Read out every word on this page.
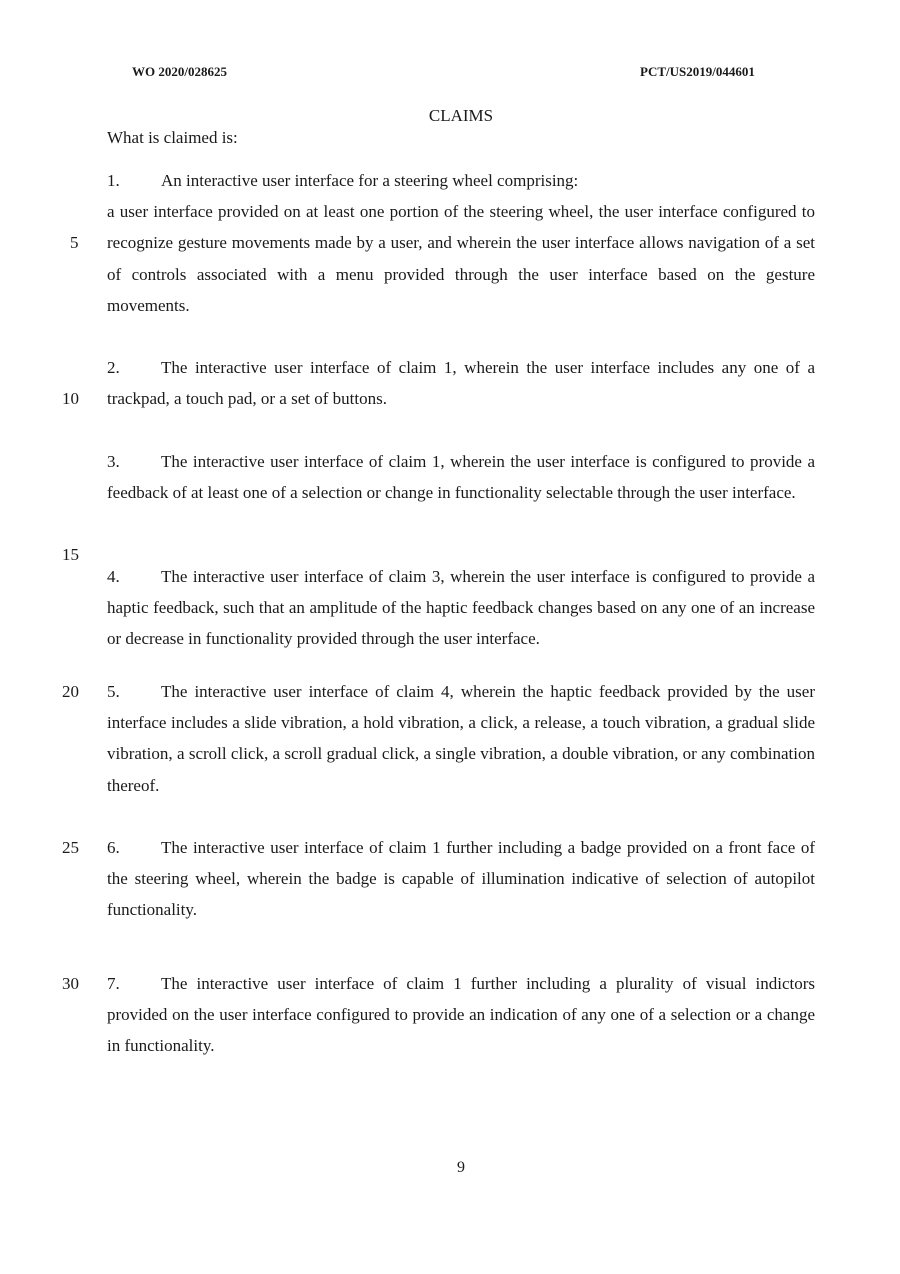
WO 2020/028625	PCT/US2019/044601
CLAIMS
What is claimed is:
1. An interactive user interface for a steering wheel comprising:
a user interface provided on at least one portion of the steering wheel, the user interface configured to recognize gesture movements made by a user, and wherein the user interface allows navigation of a set of controls associated with a menu provided through the user interface based on the gesture movements.
2. The interactive user interface of claim 1, wherein the user interface includes any one of a trackpad, a touch pad, or a set of buttons.
3. The interactive user interface of claim 1, wherein the user interface is configured to provide a feedback of at least one of a selection or change in functionality selectable through the user interface.
4. The interactive user interface of claim 3, wherein the user interface is configured to provide a haptic feedback, such that an amplitude of the haptic feedback changes based on any one of an increase or decrease in functionality provided through the user interface.
5. The interactive user interface of claim 4, wherein the haptic feedback provided by the user interface includes a slide vibration, a hold vibration, a click, a release, a touch vibration, a gradual slide vibration, a scroll click, a scroll gradual click, a single vibration, a double vibration, or any combination thereof.
6. The interactive user interface of claim 1 further including a badge provided on a front face of the steering wheel, wherein the badge is capable of illumination indicative of selection of autopilot functionality.
7. The interactive user interface of claim 1 further including a plurality of visual indictors provided on the user interface configured to provide an indication of any one of a selection or a change in functionality.
5
10
15
20
25
30
9
